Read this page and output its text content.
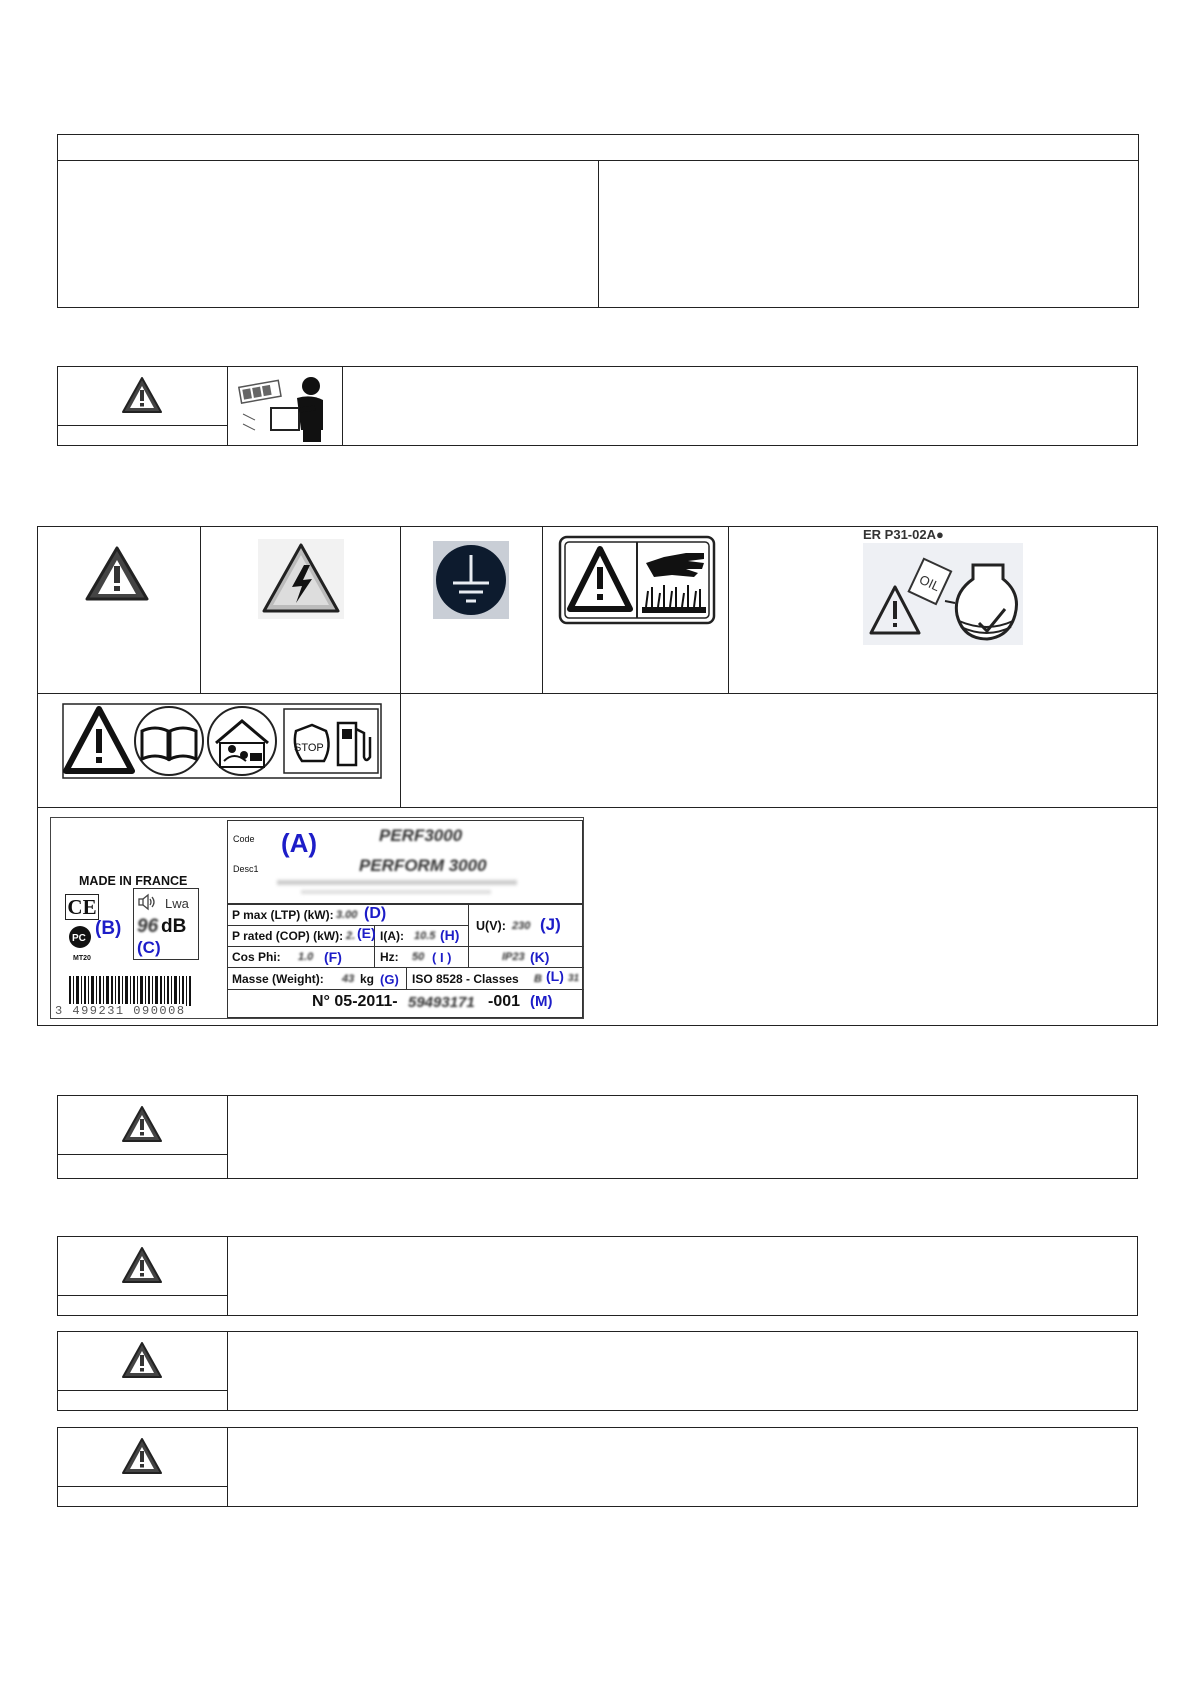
ER P31-02A●
OIL
STOP
MADE IN FRANCE
CE
PC (B)
MT20
Lwa
96 dB
(C)
3 499231 090008
Code (A)	PERF3000
Desc1	PERFORM 3000
P max (LTP) (kW): 3.00 (D)
P rated (COP) (kW): 2. (E) I(A): 10.5 (H)
U(V): 230 (J)
Cos Phi: 1.0 (F)	Hz: 50 ( I )	IP23 (K)
Masse (Weight): 43 kg (G) ISO 8528 - Classes B (L) 31
N° 05-2011- 59493171 -001 (M)
